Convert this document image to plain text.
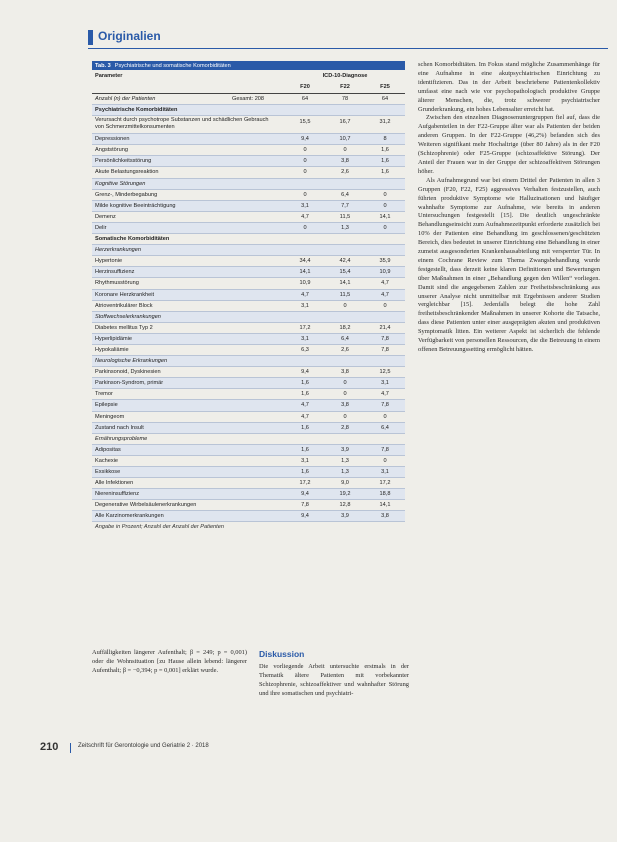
Originalien
Tab. 3 Psychiatrische und somatische Komorbiditäten
Parameter	ICD-10-Diagnose
F20	F22	F25
Anzahl (n) der Patienten	Gesamt: 208	64	78	64
Psychiatrische Komorbiditäten
Verursacht durch psychotrope Substanzen und schädlichen Gebrauch von Schmerzmittelkonsumenten
15,5	16,7	31,2
Depressionen	9,4	10,7	8
Angststörung	0	0	1,6
Persönlichkeitsstörung	0	3,8	1,6
Akute Belastungsreaktion	0	2,6	1,6
Kognitive Störungen
Grenz-, Minderbegabung	0	6,4	0
Milde kognitive Beeinträchtigung	3,1	7,7	0
Demenz	4,7	11,5	14,1
Delir	0	1,3	0
Somatische Komorbiditäten
Herzerkrankungen
Hypertonie	34,4	42,4	35,9
Herzinsuffizienz	14,1	15,4	10,9
Rhythmusstörung	10,9	14,1	4,7
Koronare Herzkrankheit	4,7	11,5	4,7
Atrioventrikulärer Block	3,1	0	0
Stoffwechselerkrankungen
Diabetes mellitus Typ 2	17,2	18,2	21,4
Hyperlipidämie	3,1	6,4	7,8
Hypokaliämie	6,3	2,6	7,8
Neurologische Erkrankungen
Parkinsonoid, Dyskinesien	9,4	3,8	12,5
Parkinson-Syndrom, primär	1,6	0	3,1
Tremor	1,6	0	4,7
Epilepsie	4,7	3,8	7,8
Meningeom	4,7	0	0
Zustand nach Insult	1,6	2,8	6,4
Ernährungsprobleme
Adipositas	1,6	3,9	7,8
Kachexie	3,1	1,3	0
Exsikkose	1,6	1,3	3,1
Alle Infektionen	17,2	9,0	17,2
Niereninsuffizienz	9,4	19,2	18,8
Degenerative Wirbelsäulenerkrankungen	7,8	12,8	14,1
Alle Karzinomerkrankungen	9,4	3,9	3,8
Angabe in Prozent; Anzahl der Anzahl der Patienten

Auffälligkeiten längerer Aufenthalt; β = 249; p = 0,001) oder die Wohnsituation [zu Hause allein lebend: längerer Aufenthalt; β = −0,394; p = 0,001] erklärt wurde.

Diskussion

Die vorliegende Arbeit untersuchte erstmals in der Thematik ältere Patienten mit vorbekannter Schizophrenie, schizoaffektiver und wahnhafter Störung und ihre somatischen und psychiatri-

schen Komorbiditäten. Im Fokus stand mögliche Zusammenhänge für eine Aufnahme in eine akutpsychiatrischen Einrichtung zu identifizieren. Das in der Arbeit beschriebene Patientenkollektiv umfasst eine nach wie vor psychopathologisch produktive Gruppe älterer Menschen, die, trotz schwerer psychiatrischer Grunderkrankung, ein hohes Lebensalter erreicht hat.

Zwischen den einzelnen Diagnosenuntergruppen fiel auf, dass die Aufgabenteilen in der F22-Gruppe älter war als Patienten der beiden anderen Gruppen. In der F22-Gruppe (46,2%) befanden sich des Weiteren signifikant mehr Hochaltrige (über 80 Jahre) als in der F20 (Schizophrenie) oder F25-Gruppe (schizoaffektive Störung). Der Anteil der Frauen war in der Gruppe der schizoaffektiven Störungen höher.

Als Aufnahmegrund war bei einem Drittel der Patienten in allen 3 Gruppen (F20, F22, F25) aggressives Verhalten festzustellen, auch führten produktive Symptome wie Halluzinationen und häufiger wahnhafte Symptome zur Aufnahme, wie bereits in anderen Untersuchungen festgestellt [15]. Die deutlich ungeschränkte Behandlungseinsicht zum Aufnahmezeitpunkt erforderte zusätzlich bei 10% der Patienten eine Behandlung im geschlossenen/geschützten Bereich, dies bedeutet in unserer Einrichtung eine Behandlung in einer zumeist ausgesonderten Krankenhausabteilung mit versperrter Tür. In einem Cochrane Review zum Thema Zwangsbehandlung wurde festgestellt, dass derzeit keine klaren Definitionen und Bewertungen über Maßnahmen in einer „Behandlung gegen den Willen“ vorliegen. Damit sind die angegebenen Zahlen zur Freiheitsbeschränkung aus unserer Analyse nicht unmittelbar mit Ergebnissen anderer Studien vergleichbar [15]. Jedenfalls belegt die hohe Zahl freiheitsbeschränkender Maßnahmen in unserer Kohorte die Tatsache, dass diese Patienten unter einer ausgeprägten akuten und produktiven Symptomatik litten. Ein weiterer Aspekt ist sicherlich die fehlende Verfügbarkeit von personellen Ressourcen, die die Betreuung in einem offenen Betreuungssetting ermöglicht hätten.

210	Zeitschrift für Gerontologie und Geriatrie 2 · 2018
